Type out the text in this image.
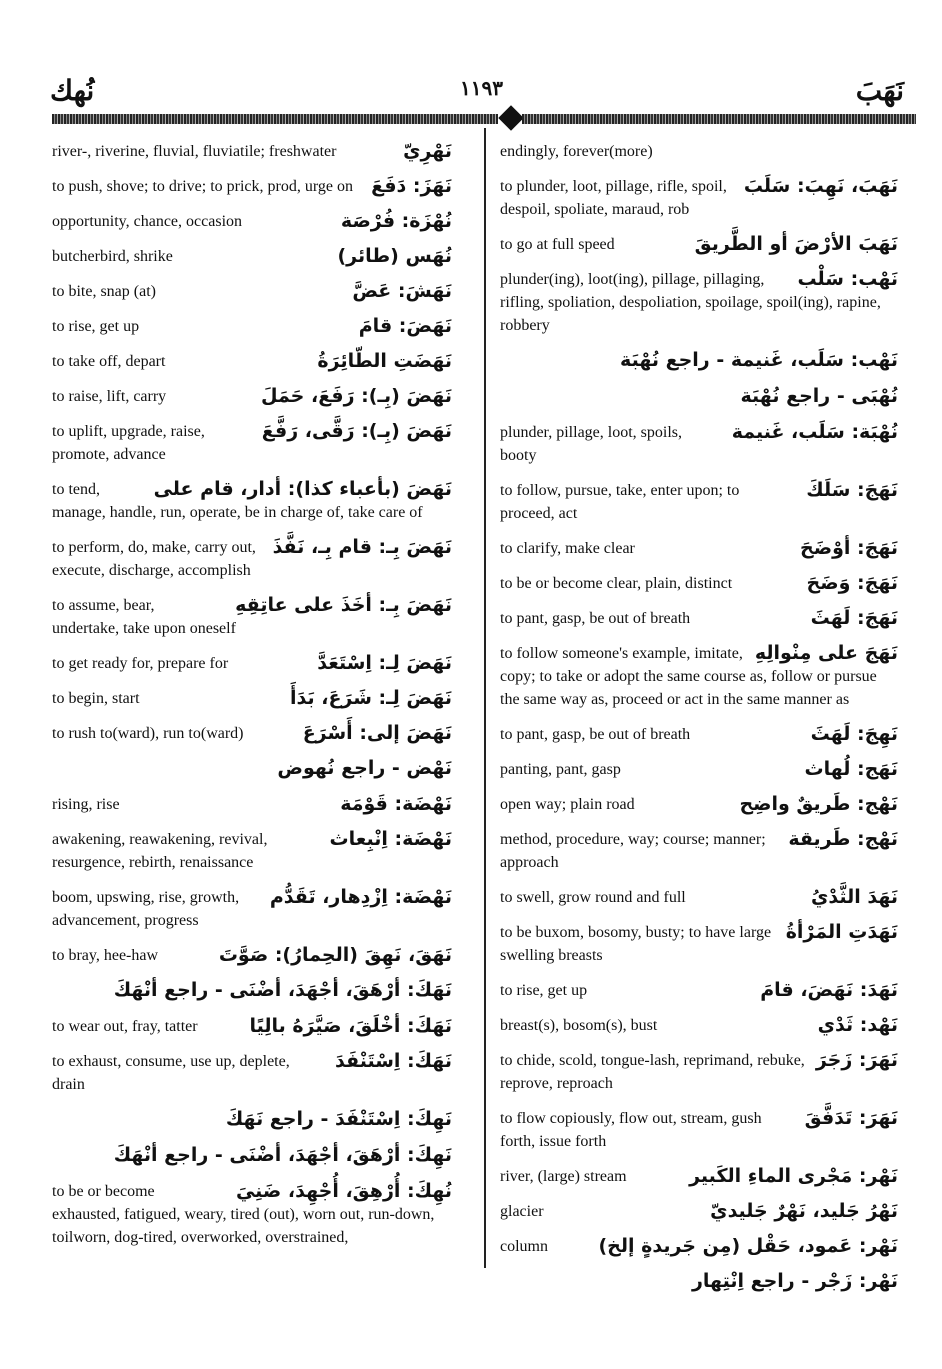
نُهك	١١٩٣	نَهَبَ
نَهْرِيّ
river-, riverine, fluvial, fluviatile; freshwater
نَهَزَ: دَفَعَ
to push, shove; to drive; to prick, prod, urge on
نُهْزَة: فُرْصَة
opportunity, chance, occasion
نُهَس (طائر)
butcherbird, shrike
نَهَشَ: عَضَّ
to bite, snap (at)
نَهَضَ: قامَ
to rise, get up
نَهَضَتِ الطّائِرَةُ
to take off, depart
نَهَضَ (بِـ): رَفَعَ، حَمَلَ
to raise, lift, carry
نَهَضَ (بِـ): رَقَّى، رَفَّعَ
to uplift, upgrade, raise, promote, advance
نَهَضَ (بأعباء كذا): أدار، قام على
to tend, manage, handle, run, operate, be in charge of, take care of
نَهَضَ بِـ: قام بِـ، نَفَّذَ
to perform, do, make, carry out, execute, discharge, accomplish
نَهَضَ بِـ: أخَذَ على عاتِقِهِ
to assume, bear, undertake, take upon oneself
نَهَضَ لِـ: اِسْتَعَدَّ
to get ready for, prepare for
نَهَضَ لِـ: شَرَعَ، بَدَأَ
to begin, start
نَهَضَ إلى: أَسْرَعَ
to rush to(ward), run to(ward)
نَهْض - راجع نُهوض
نَهْضَة: قَوْمَة
rising, rise
نَهْضَة: اِنْبِعاث
awakening, reawakening, revival, resurgence, rebirth, renaissance
نَهْضَة: اِزْدِهار، تَقَدُّم
boom, upswing, rise, growth, advancement, progress
نَهَقَ، نَهِقَ (الحِمارُ): صَوَّتَ
to bray, hee-haw
نَهَكَ: أرْهَقَ، أجْهَدَ، أضْنَى - راجع أنْهَكَ
نَهَكَ: أخْلَقَ، صَيَّرَهُ بالِيًا
to wear out, fray, tatter
نَهَكَ: اِسْتَنْفَدَ
to exhaust, consume, use up, deplete, drain
نَهِكَ: اِسْتَنْفَدَ - راجع نَهَكَ
نَهِكَ: أرْهَقَ، أجْهَدَ، أضْنَى - راجع أنْهَكَ
نُهِكَ: أُرْهِقَ، أُجْهِدَ، ضَنِيَ
to be or become exhausted, fatigued, weary, tired (out), worn out, run-down, toilworn, dog-tired, overworked, overstrained,
endingly, forever(more)
نَهَبَ، نَهِبَ: سَلَبَ
to plunder, loot, pillage, rifle, spoil, despoil, spoliate, maraud, rob
نَهَبَ الأرْضَ أو الطَّريقَ
to go at full speed
نَهْب: سَلْب
plunder(ing), loot(ing), pillage, pillaging, rifling, spoliation, despoliation, spoilage, spoil(ing), rapine, robbery
نَهْب: سَلَب، غَنيمة - راجع نُهْبَة
نُهْبَى - راجع نُهْبَة
نُهْبَة: سَلَب، غَنيمة
plunder, pillage, loot, spoils, booty
نَهَجَ: سَلَكَ
to follow, pursue, take, enter upon; to proceed, act
نَهَجَ: أوْضَحَ
to clarify, make clear
نَهَجَ: وَضَحَ
to be or become clear, plain, distinct
نَهَجَ: لَهَثَ
to pant, gasp, be out of breath
نَهَجَ على مِنْوالِهِ
to follow someone's example, imitate, copy; to take or adopt the same course as, follow or pursue the same way as, proceed or act in the same manner as
نَهِجَ: لَهَثَ
to pant, gasp, be out of breath
نَهَج: لُهاث
panting, pant, gasp
نَهْج: طَريقٌ واضِح
open way; plain road
نَهْج: طَريقة
method, procedure, way; course; manner; approach
نَهَدَ الثَّدْيُ
to swell, grow round and full
نَهَدَتِ المَرْأةُ
to be buxom, bosomy, busty; to have large swelling breasts
نَهَدَ: نَهَضَ، قامَ
to rise, get up
نَهْد: ثَدْي
breast(s), bosom(s), bust
نَهَرَ: زَجَرَ
to chide, scold, tongue-lash, reprimand, rebuke, reprove, reproach
نَهَرَ: تَدَفَّقَ
to flow copiously, flow out, stream, gush forth, issue forth
نَهْر: مَجْرى الماءِ الكَبير
river, (large) stream
نَهْرُ جَليد، نَهْرٌ جَليديّ
glacier
نَهْر: عَمود، حَقْل (مِن جَريدةٍ إلخ)
column
نَهْر: زَجْر - راجع اِنْتِهار
